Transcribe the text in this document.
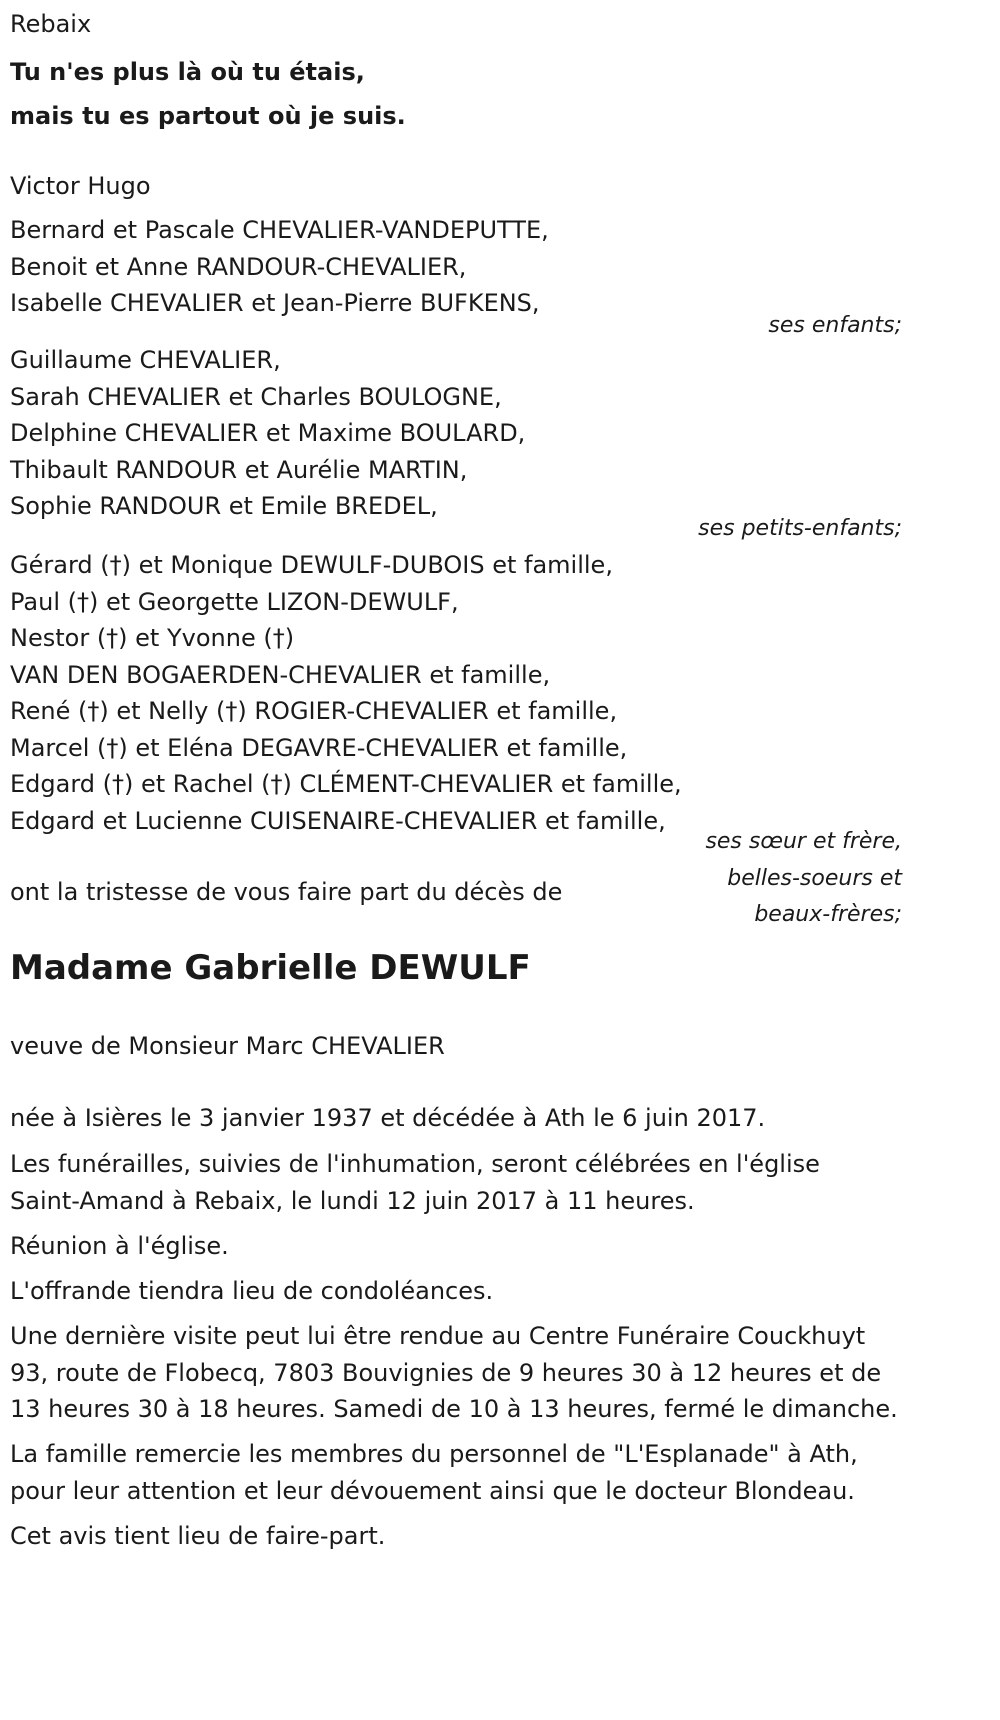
Rebaix
Tu n'es plus là où tu étais,
mais tu es partout où je suis.
Victor Hugo
Bernard et Pascale CHEVALIER-VANDEPUTTE,
Benoit et Anne RANDOUR-CHEVALIER,
Isabelle CHEVALIER et Jean-Pierre BUFKENS,
ses enfants;
Guillaume CHEVALIER,
Sarah CHEVALIER et Charles BOULOGNE,
Delphine CHEVALIER et Maxime BOULARD,
Thibault RANDOUR et Aurélie MARTIN,
Sophie RANDOUR et Emile BREDEL,
ses petits-enfants;
Gérard (†) et Monique DEWULF-DUBOIS et famille,
Paul (†) et Georgette LIZON-DEWULF,
Nestor (†) et Yvonne (†)
VAN DEN BOGAERDEN-CHEVALIER et famille,
René (†) et Nelly (†) ROGIER-CHEVALIER et famille,
Marcel (†) et Eléna DEGAVRE-CHEVALIER et famille,
Edgard (†) et Rachel (†) CLÉMENT-CHEVALIER et famille,
Edgard et Lucienne CUISENAIRE-CHEVALIER et famille,
ses sœur et frère,
belles-soeurs et
beaux-frères;
ont la tristesse de vous faire part du décès de
Madame Gabrielle DEWULF
veuve de Monsieur Marc CHEVALIER
née à Isières le 3 janvier 1937 et décédée à Ath le 6 juin 2017.
Les funérailles, suivies de l'inhumation, seront célébrées en l'église
Saint-Amand à Rebaix, le lundi 12 juin 2017 à 11 heures.
Réunion à l'église.
L'offrande tiendra lieu de condoléances.
Une dernière visite peut lui être rendue au Centre Funéraire Couckhuyt
93, route de Flobecq, 7803 Bouvignies de 9 heures 30 à 12 heures et de
13 heures 30 à 18 heures. Samedi de 10 à 13 heures, fermé le dimanche.
La famille remercie les membres du personnel de "L'Esplanade" à Ath,
pour leur attention et leur dévouement ainsi que le docteur Blondeau.
Cet avis tient lieu de faire-part.
